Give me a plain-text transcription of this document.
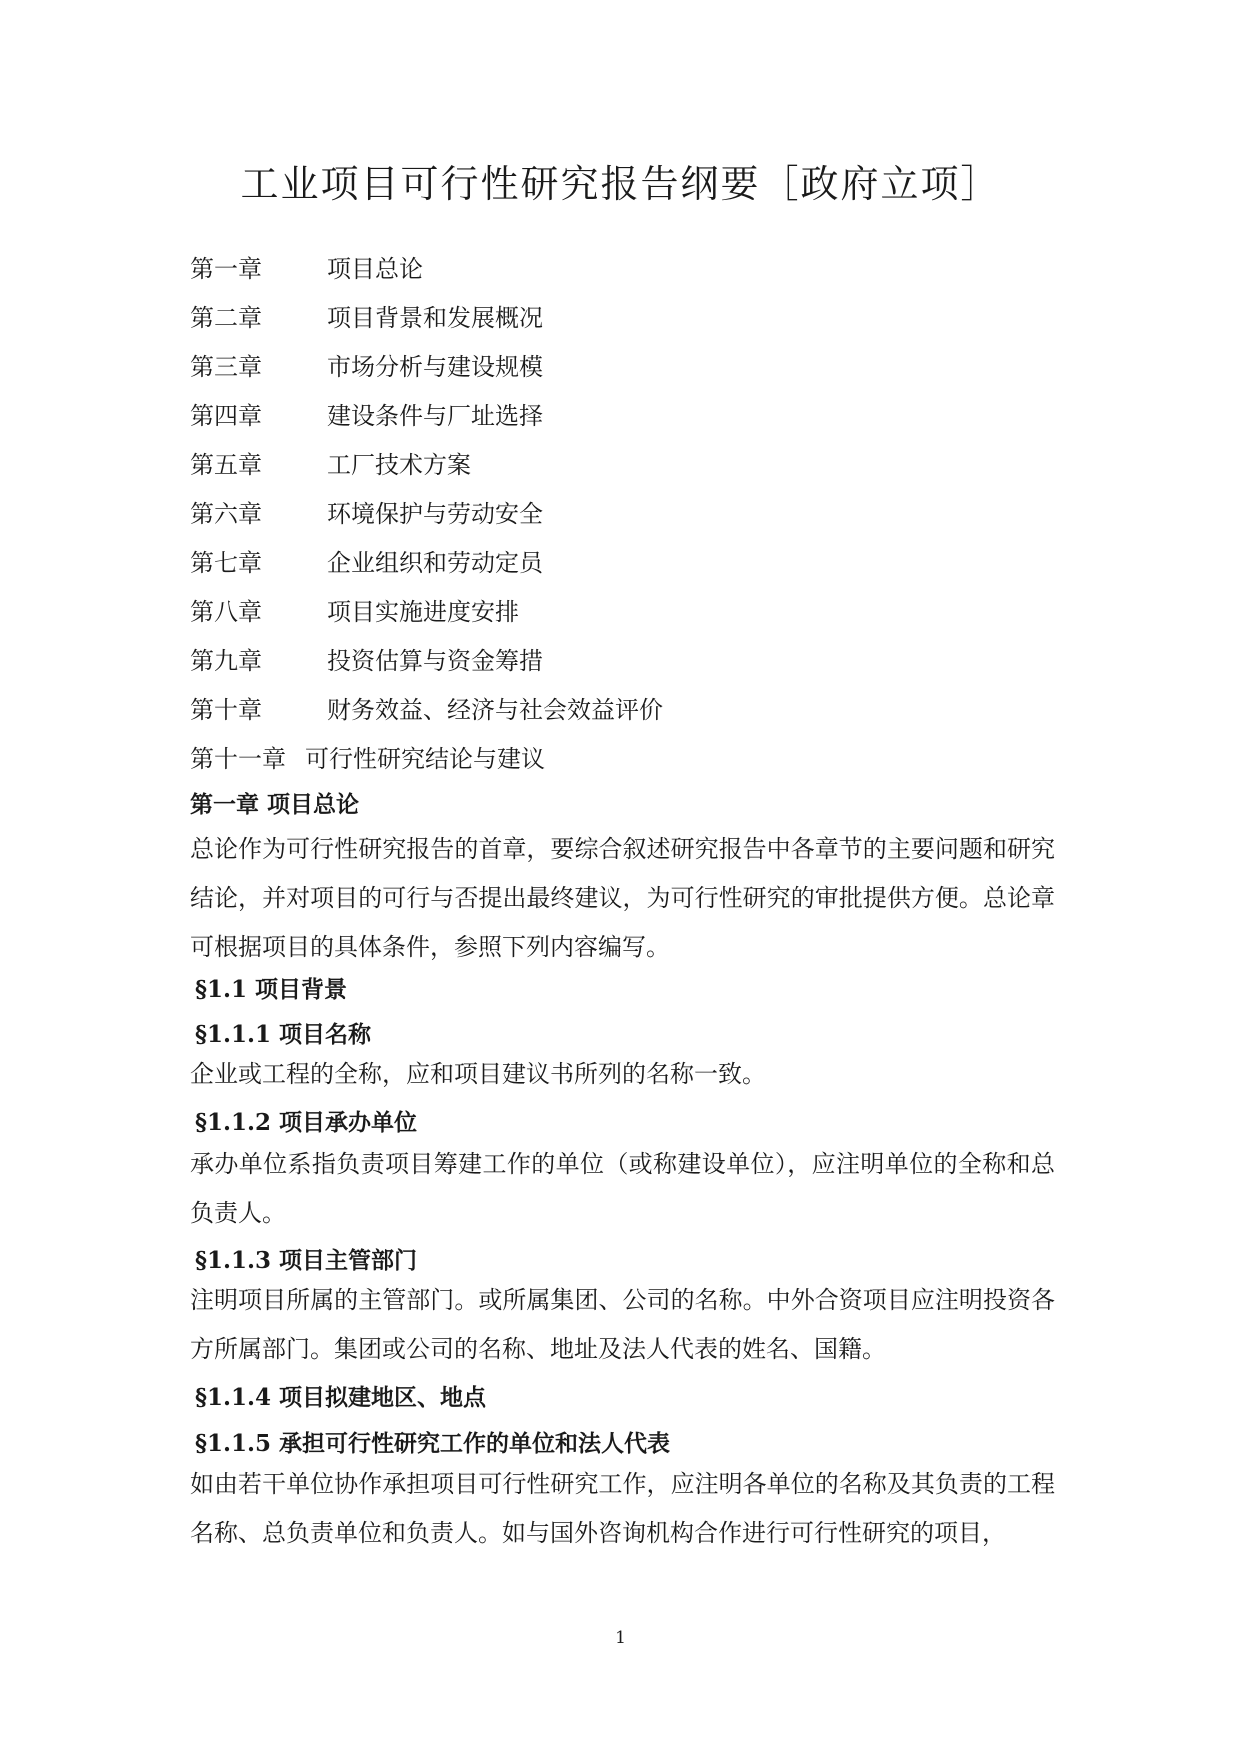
工业项目可行性研究报告纲要［政府立项］
第一章	项目总论
第二章	项目背景和发展概况
第三章	市场分析与建设规模
第四章	建设条件与厂址选择
第五章	工厂技术方案
第六章	环境保护与劳动安全
第七章	企业组织和劳动定员
第八章	项目实施进度安排
第九章	投资估算与资金筹措
第十章	财务效益、经济与社会效益评价
第十一章 可行性研究结论与建议
第一章 项目总论
总论作为可行性研究报告的首章，要综合叙述研究报告中各章节的主要问题和研究结论，并对项目的可行与否提出最终建议，为可行性研究的审批提供方便。总论章可根据项目的具体条件，参照下列内容编写。
§1.1 项目背景
§1.1.1 项目名称
企业或工程的全称，应和项目建议书所列的名称一致。
§1.1.2 项目承办单位
承办单位系指负责项目筹建工作的单位（或称建设单位），应注明单位的全称和总负责人。
§1.1.3 项目主管部门
注明项目所属的主管部门。或所属集团、公司的名称。中外合资项目应注明投资各方所属部门。集团或公司的名称、地址及法人代表的姓名、国籍。
§1.1.4 项目拟建地区、地点
§1.1.5 承担可行性研究工作的单位和法人代表
如由若干单位协作承担项目可行性研究工作，应注明各单位的名称及其负责的工程名称、总负责单位和负责人。如与国外咨询机构合作进行可行性研究的项目，
1
